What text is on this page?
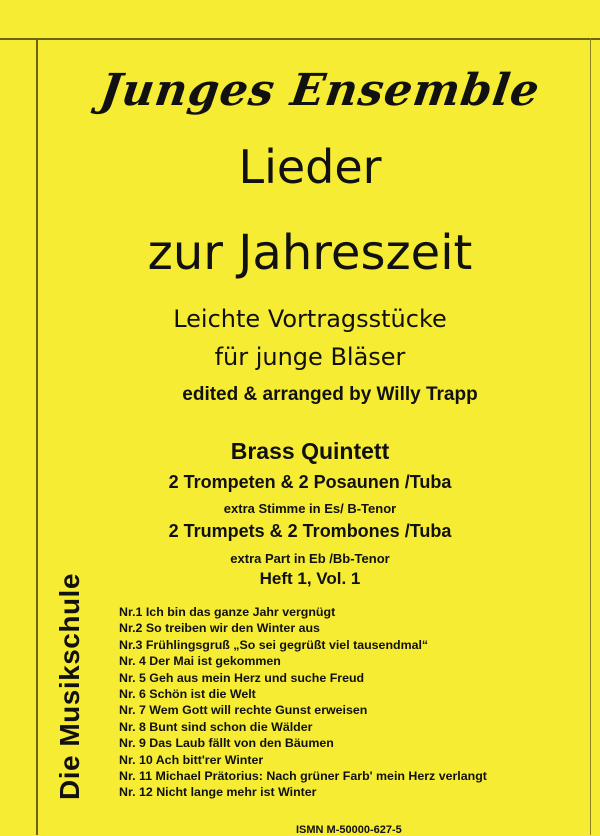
Die Musikschule
Junges Ensemble
Lieder
zur Jahreszeit
Leichte Vortragsstücke
für junge Bläser
edited & arranged by Willy Trapp
Brass Quintett
2 Trompeten & 2 Posaunen /Tuba
extra Stimme in Es/ B-Tenor
2 Trumpets & 2 Trombones /Tuba
extra Part in Eb /Bb-Tenor
Heft 1, Vol. 1
Nr.1 Ich bin das ganze Jahr vergnügt
Nr.2 So treiben wir den Winter aus
Nr.3 Frühlingsgruß „So sei gegrüßt viel tausendmal“
Nr. 4 Der Mai ist gekommen
Nr. 5 Geh aus mein Herz und suche Freud
Nr. 6 Schön ist die Welt
Nr. 7 Wem Gott will rechte Gunst erweisen
Nr. 8 Bunt sind schon die Wälder
Nr. 9 Das Laub fällt von den Bäumen
Nr. 10 Ach bitt'rer Winter
Nr. 11 Michael Prätorius: Nach grüner Farb' mein Herz verlangt
Nr. 12 Nicht lange mehr ist Winter
ISMN M-50000-627-5
